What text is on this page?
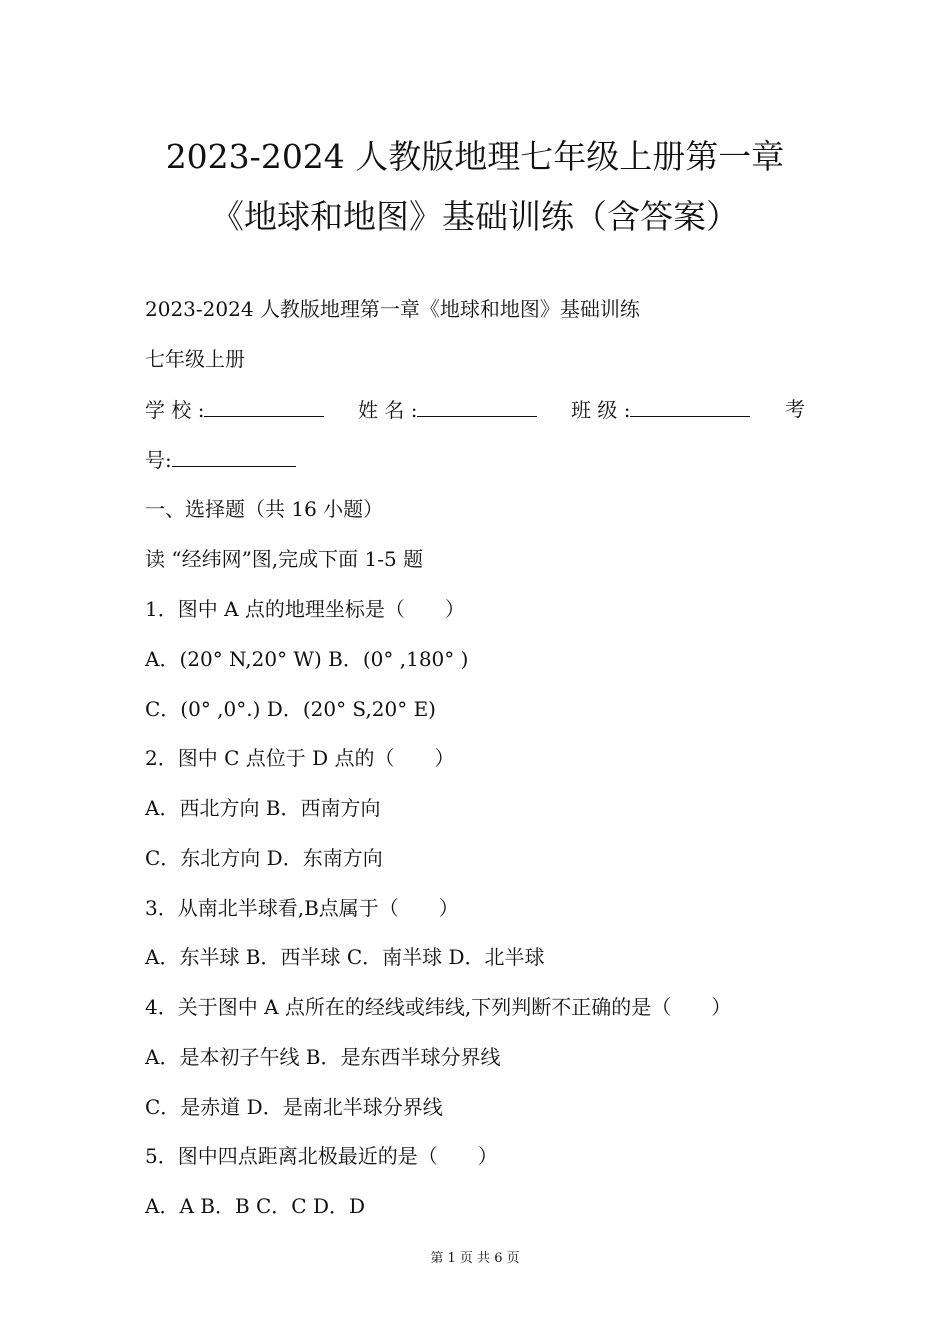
2023-2024 人教版地理七年级上册第一章
《地球和地图》基础训练（含答案）
2023-2024 人教版地理第一章《地球和地图》基础训练
七年级上册
学 校 :	姓 名 :	班 级 :	考
号:
一、选择题（共 16 小题）
读 “经纬网”图,完成下面 1-5 题
1．图中 A 点的地理坐标是（　　）
A．(20° N,20° W) B．(0° ,180° )
C．(0° ,0°.) D．(20° S,20° E)
2．图中 C 点位于 D 点的（　　）
A．西北方向 B．西南方向
C．东北方向 D．东南方向
3．从南北半球看,B点属于（　　）
A．东半球 B．西半球 C．南半球 D．北半球
4．关于图中 A 点所在的经线或纬线,下列判断不正确的是（　　）
A．是本初子午线 B．是东西半球分界线
C．是赤道 D．是南北半球分界线
5．图中四点距离北极最近的是（　　）
A．A B．B C．C D．D
第 1 页 共 6 页
